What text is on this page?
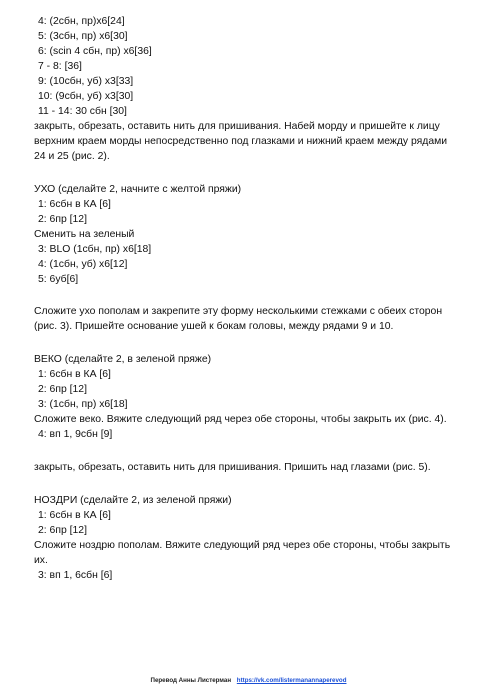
4: (2сбн, пр)x6[24]
5: (3сбн, пр) x6[30]
6: (scin 4 сбн, пр) x6[36]
7 - 8: [36]
9: (10сбн, уб) x3[33]
10: (9сбн, уб) x3[30]
11 - 14: 30 сбн [30]
закрыть, обрезать, оставить нить для пришивания. Набей морду и пришейте к лицу
верхним краем морды непосредственно под глазками и нижний краем между рядами
24 и 25 (рис. 2).
УХО (сделайте 2, начните с желтой пряжи)
1: 6сбн в КА [6]
2: 6пр [12]
Сменить на зеленый
3: BLO (1сбн, пр) x6[18]
4: (1сбн, уб) x6[12]
5: 6уб[6]
Сложите ухо пополам и закрепите эту форму несколькими стежками с обеих сторон
(рис. 3). Пришейте основание ушей к бокам головы, между рядами 9 и 10.
ВЕКО (сделайте 2, в зеленой пряже)
1: 6сбн в КА [6]
2: 6пр [12]
3: (1сбн, пр) x6[18]
Сложите веко. Вяжите следующий ряд через обе стороны, чтобы закрыть их (рис. 4).
4: вп 1, 9сбн [9]
закрыть, обрезать, оставить нить для пришивания. Пришить над глазами (рис. 5).
НОЗДРИ (сделайте 2, из зеленой пряжи)
1: 6сбн в КА [6]
2: 6пр [12]
Сложите ноздрю пополам. Вяжите следующий ряд через обе стороны, чтобы закрыть
их.
3: вп 1, 6сбн [6]
Перевод Анны Листерман https://vk.com/listermanannaperevod
